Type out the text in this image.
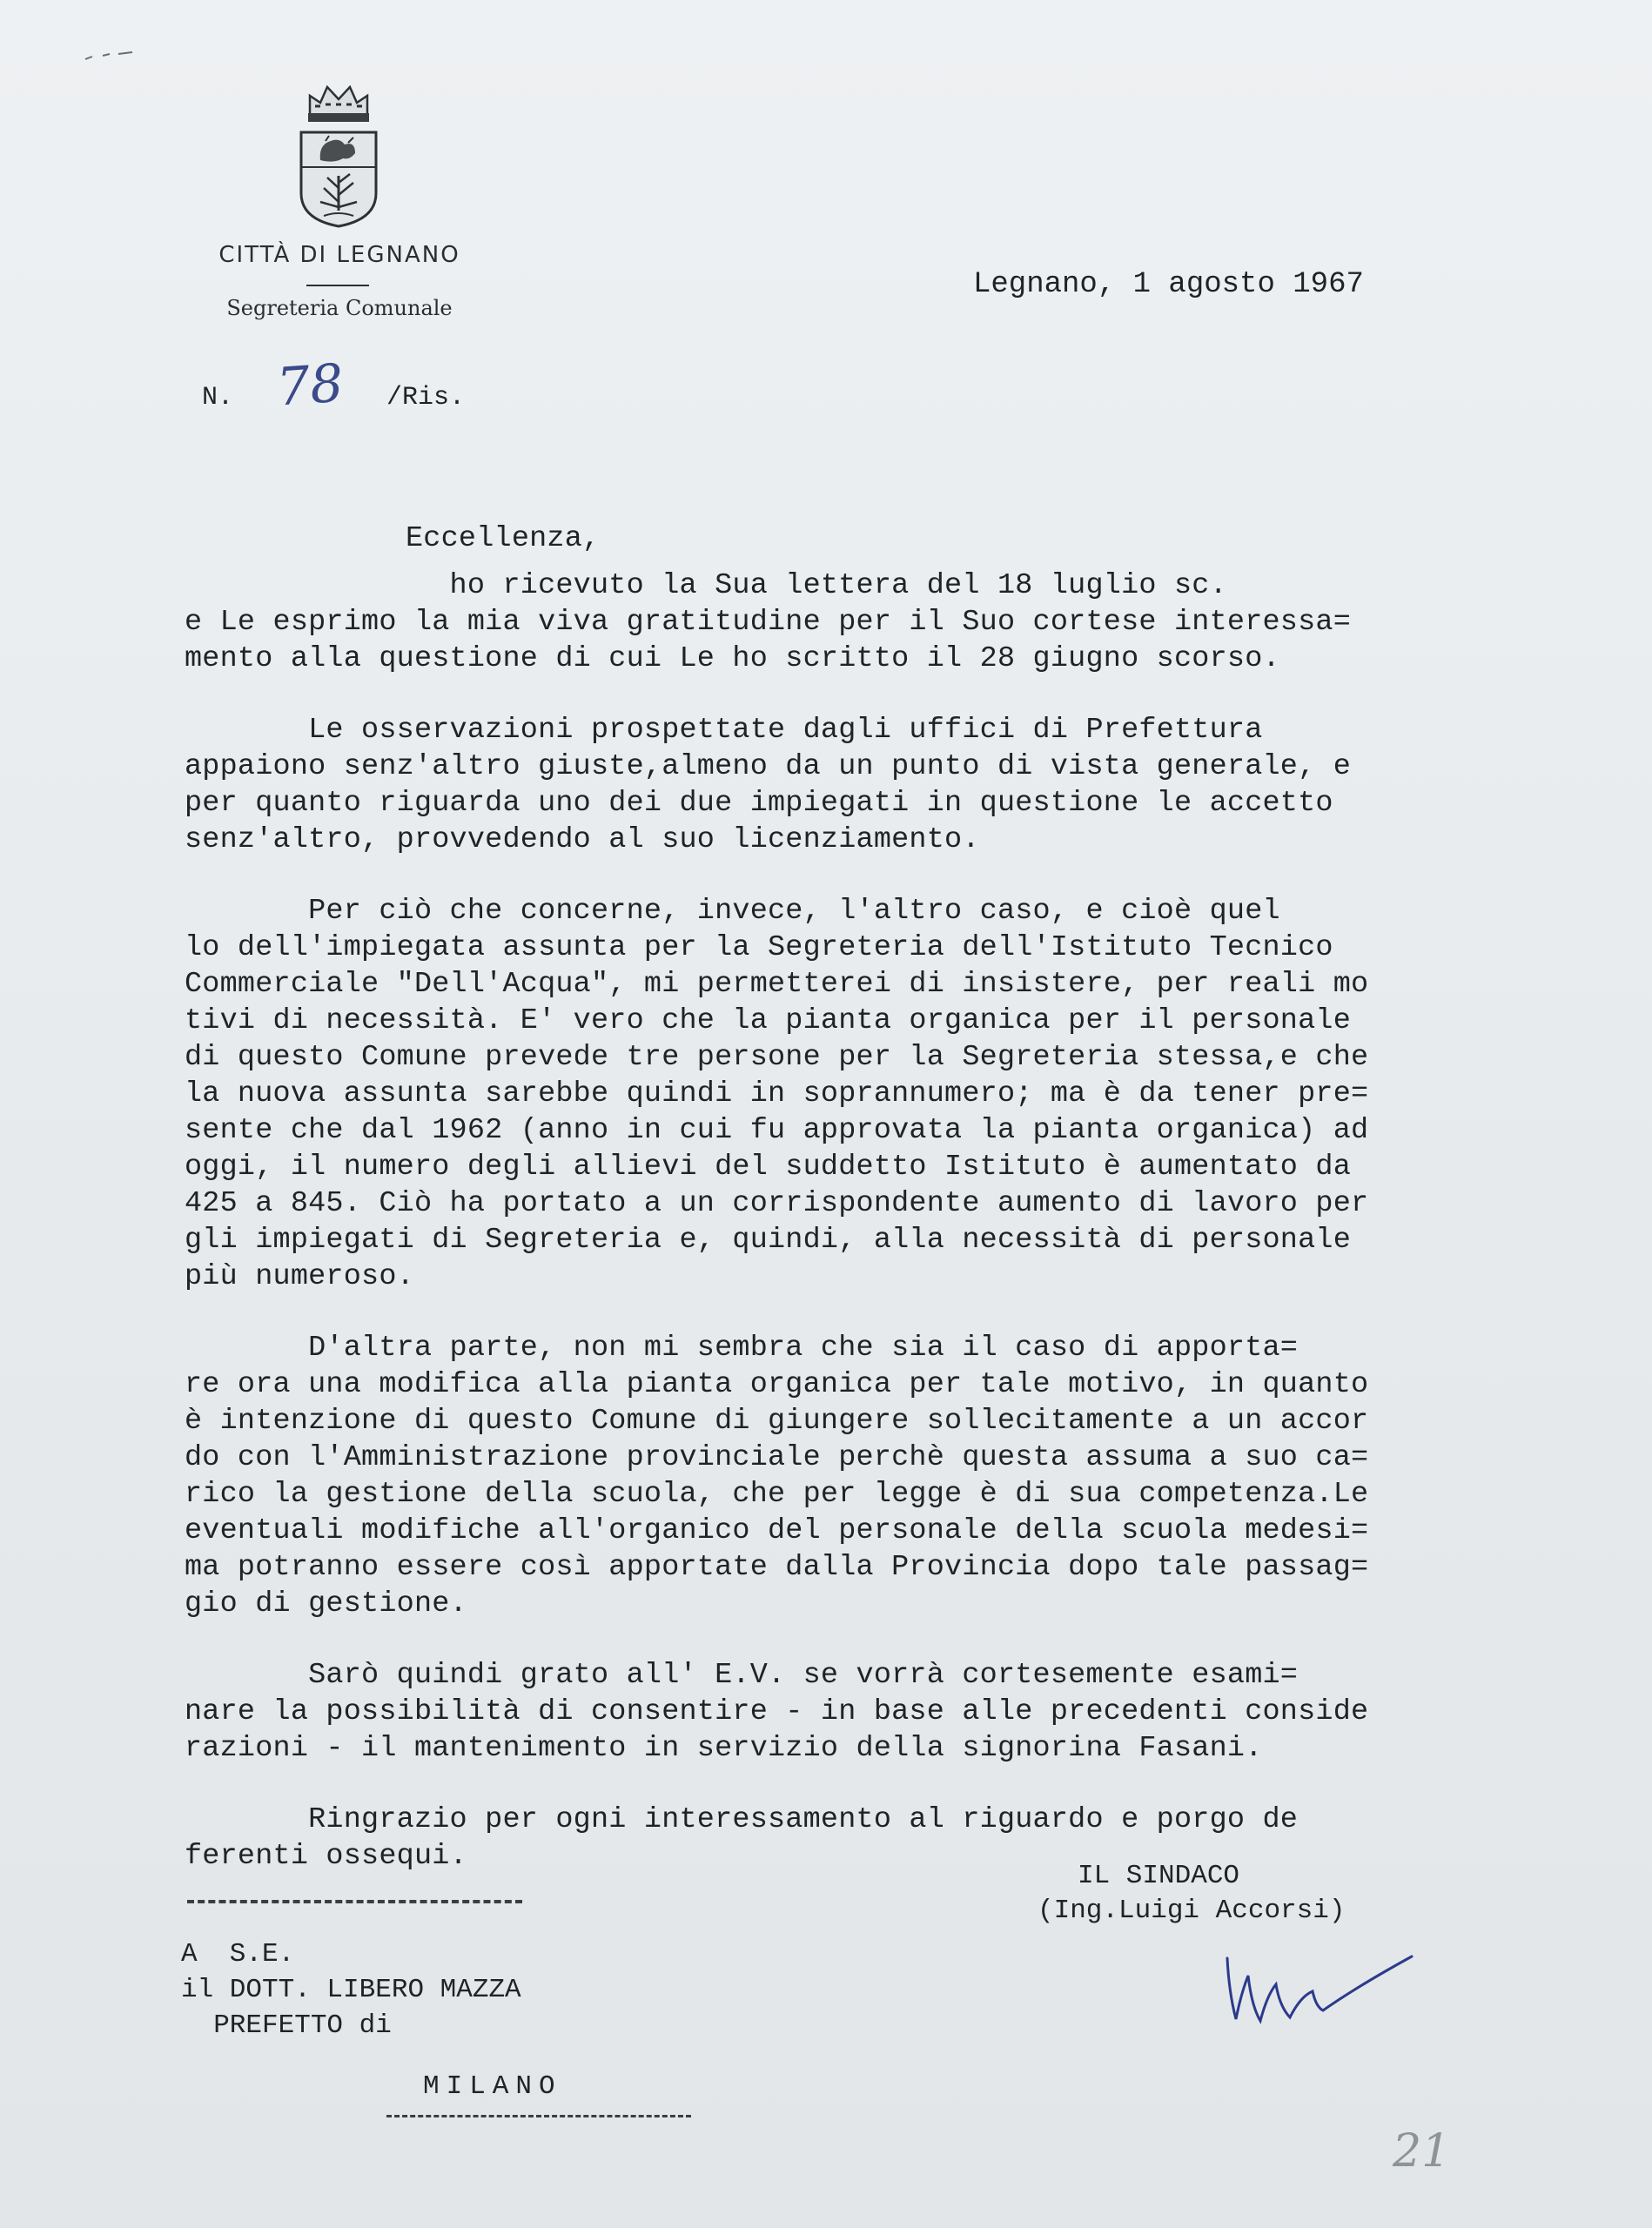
CITTÀ DI LEGNANO
Segreteria Comunale
Legnano, 1 agosto 1967
N. 78 /Ris.
Eccellenza,
ho ricevuto la Sua lettera del 18 luglio sc.
e Le esprimo la mia viva gratitudine per il Suo cortese interessa=
mento alla questione di cui Le ho scritto il 28 giugno scorso.
Le osservazioni prospettate dagli uffici di Prefettura
appaiono senz'altro giuste,almeno da un punto di vista generale, e
per quanto riguarda uno dei due impiegati in questione le accetto
senz'altro, provvedendo al suo licenziamento.
Per ciò che concerne, invece, l'altro caso, e cioè quel
lo dell'impiegata assunta per la Segreteria dell'Istituto Tecnico
Commerciale "Dell'Acqua", mi permetterei di insistere, per reali mo
tivi di necessità. E' vero che la pianta organica per il personale
di questo Comune prevede tre persone per la Segreteria stessa,e che
la nuova assunta sarebbe quindi in soprannumero; ma è da tener pre=
sente che dal 1962 (anno in cui fu approvata la pianta organica) ad
oggi, il numero degli allievi del suddetto Istituto è aumentato da
425 a 845. Ciò ha portato a un corrispondente aumento di lavoro per
gli impiegati di Segreteria e, quindi, alla necessità di personale
più numeroso.
D'altra parte, non mi sembra che sia il caso di apporta=
re ora una modifica alla pianta organica per tale motivo, in quanto
è intenzione di questo Comune di giungere sollecitamente a un accor
do con l'Amministrazione provinciale perchè questa assuma a suo ca=
rico la gestione della scuola, che per legge è di sua competenza.Le
eventuali modifiche all'organico del personale della scuola medesi=
ma potranno essere così apportate dalla Provincia dopo tale passag=
gio di gestione.
Sarò quindi grato all' E.V. se vorrà cortesemente esami=
nare la possibilità di consentire - in base alle precedenti conside
razioni - il mantenimento in servizio della signorina Fasani.
Ringrazio per ogni interessamento al riguardo e porgo de
ferenti ossequi.
IL SINDACO
(Ing.Luigi Accorsi)
A  S.E.
il DOTT. LIBERO MAZZA
PREFETTO di
MILANO
21
